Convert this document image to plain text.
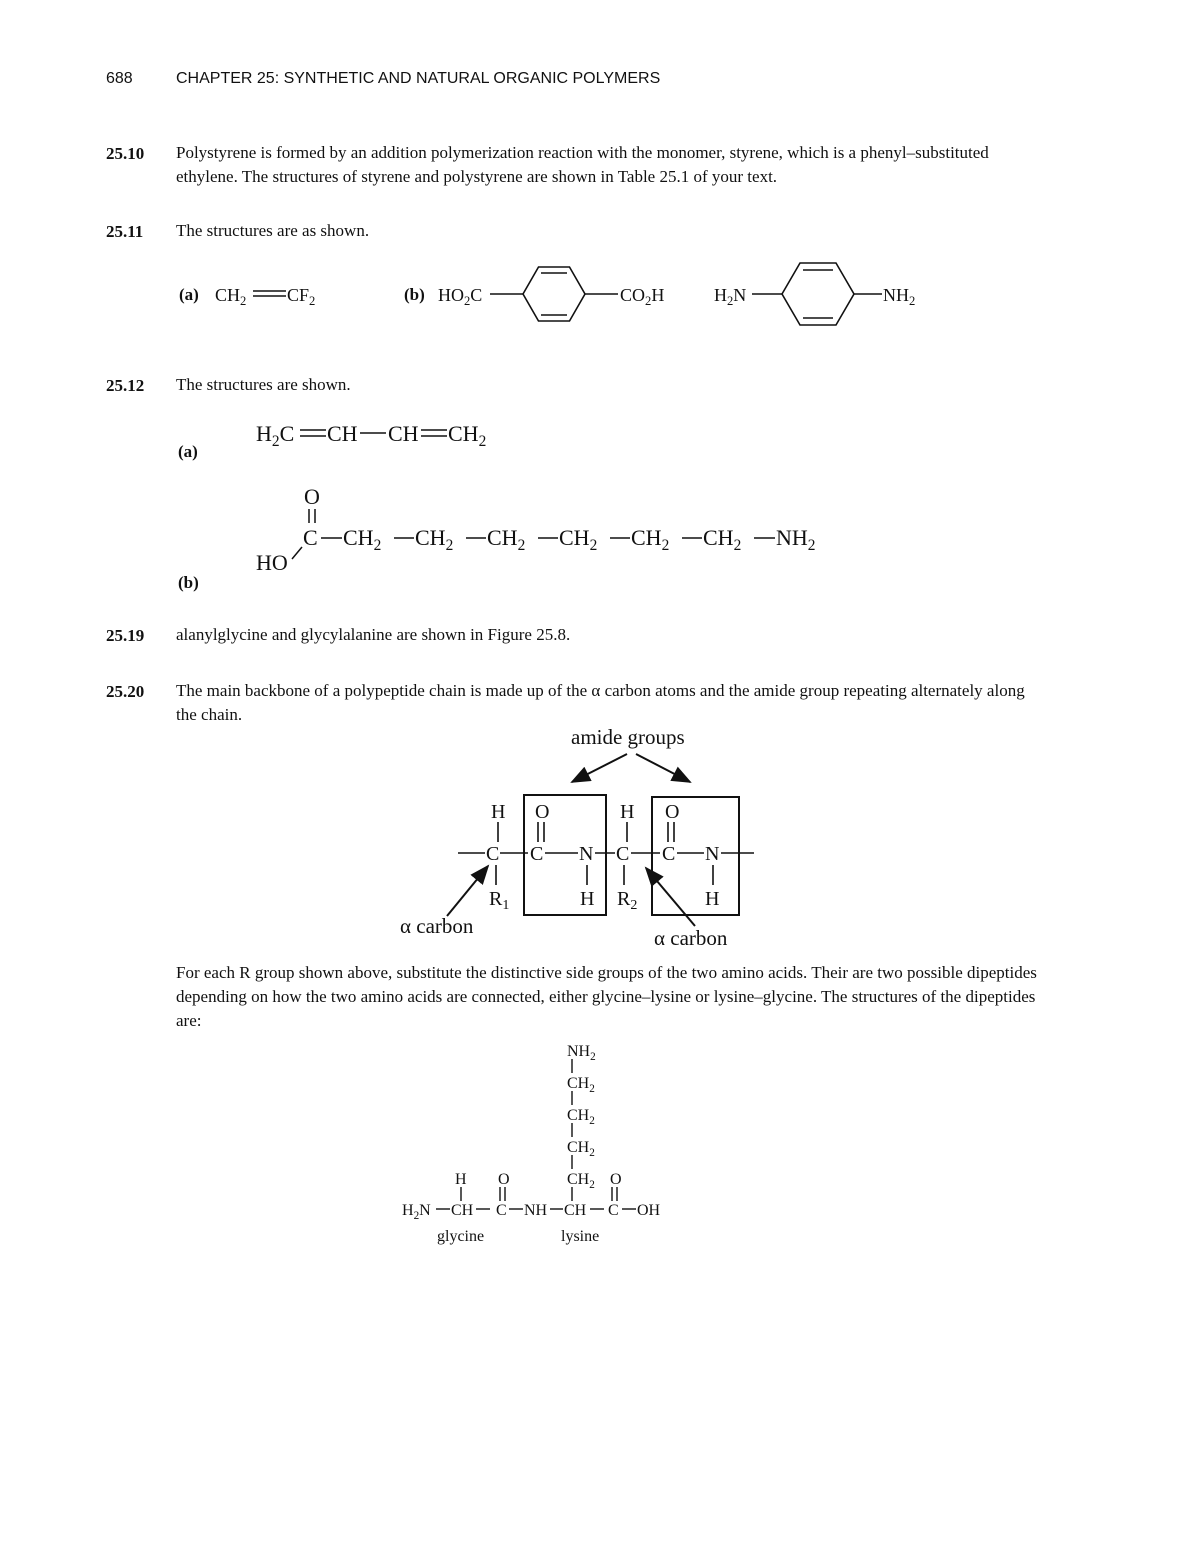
688	CHAPTER 25: SYNTHETIC AND NATURAL ORGANIC POLYMERS
25.10 Polystyrene is formed by an addition polymerization reaction with the monomer, styrene, which is a phenyl–substituted ethylene. The structures of styrene and polystyrene are shown in Table 25.1 of your text.
25.11 The structures are as shown.
(a)	(b)
$CH_2$ $CF_2$	$HO_2C$	$CO_2H$	$H_2N$	$NH_2$
25.12 The structures are shown.
(a)
(b)
$H_2C$ CH CH $CH_2$
O
C
HO
$CH_2$ $CH_2$ $CH_2$ $CH_2$ $CH_2$ $CH_2$ $NH_2$
25.19 alanylglycine and glycylalanine are shown in Figure 25.8.
25.20 The main backbone of a polypeptide chain is made up of the α carbon atoms and the amide group repeating alternately along the chain.
amide groups
C C N C C N
H
$R_1$
O
H
H
$R_2$
O
H
α carbon	α carbon
For each R group shown above, substitute the distinctive side groups of the two amino acids. Their are two possible dipeptides depending on how the two amino acids are connected, either glycine–lysine or lysine–glycine. The structures of the dipeptides are:
$NH_2$
$CH_2$
$CH_2$
$CH_2$
$CH_2$ O
H O
$H_2N$ CH C NH CH C OH
glycine	lysine
